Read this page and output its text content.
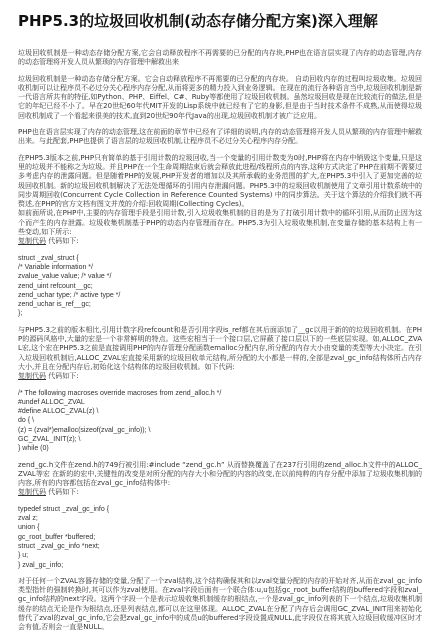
PHP5.3的垃圾回收机制(动态存储分配方案)深入理解

垃圾回收机制是一种动态存储分配方案,它会自动释放程序不再需要的已分配的内存块,PHP也在语言层实现了内存的动态管理,内存的动态管理将开发人员从繁琐的内存管理中解救出来

垃圾回收机制是一种动态存储分配方案。它会自动释放程序不再需要的已分配的内存块。 自动回收内存的过程叫垃圾收集。垃圾回收机制可以让程序员不必过分关心程序内存分配,从而将更多的精力投入到业务逻辑。在现在的流行各种语言当中,垃圾回收机制是新一代语言所共有的特征,如Python、PHP、Eiffel、C#、Ruby等都使用了垃圾回收机制。虽然垃圾回收是现在比较流行的做法,但是它的年纪已经不小了。早在20世纪60年代MIT开发的Lisp系统中就已经有了它的身影,但是由于当时技术条件不成熟,从而使得垃圾回收机制成了一个看起来很美的技术,直到20世纪90年代Java的出现,垃圾回收机制才被广泛应用。

PHP也在语言层实现了内存的动态管理,这在前面的章节中已经有了详细的说明,内存的动态管理将开发人员从繁琐的内存管理中解救出来。与此配套,PHP也提供了语言层的垃圾回收机制,让程序员不必过分关心程序内存分配。

在PHP5.3版本之前,PHP只有简单的基于引用计数的垃圾回收,当一个变量的引用计数变为0时,PHP将在内存中销毁这个变量,只是这里的垃圾并不能称之为垃圾。并且PHP在一个生命周期结束后就会释放此进程/线程所点的内容,这种方式决定了PHP在前期不需要过多考虑内存的泄露问题。但是随着PHP的发展,PHP开发者的增加以及其所承载的业务范围的扩大,在PHP5.3中引入了更加完善的垃圾回收机制。新的垃圾回收机制解决了无法处理循环的引用内存泄漏问题。PHP5.3中的垃圾回收机制使用了文章引用计数系统中的同步周期回收(Concurrent Cycle Collection in Reference Counted Systems) 中的同步算法。关于这个算法的介绍我们就不再赘述,在PHP的官方文档有图文并茂的介绍:回收周期(Collecting Cycles)。

如前面所说,在PHP中,主要的内存管理手段是引用计数,引入垃圾收集机制的目的是为了打破引用计数中的循环引用,从而防止因为这个而产生的内存泄露。垃圾收集机制基于PHP的动态内存管理而存在。PHP5.3为引入垃圾收集机制,在变量存储的基本结构上有一些变动,如下所示:

复制代码 代码如下:
struct _zval_struct {
/* Variable information */
zvalue_value value; /* value */
zend_uint refcount__gc;
zend_uchar type; /* active type */
zend_uchar is_ref__gc;
};

与PHP5.3之前的版本相比,引用计数字段refcount和是否引用字段is_ref都在其后面添加了__gc以用于新的的垃圾回收机制。在PHP的源码风格中,大量的宏是一个非常鲜明的特点。这些宏相当于一个接口层,它屏蔽了接口层以下的一些底层实现。如,ALLOC_ZVAL宏,这个宏在PHP5.3之前是直接调用PHP的内存管理分配函数emalloc分配内存,所分配的内存大小由变量的类型等大小决定。在引入垃圾回收机制后,ALLOC_ZVAL宏直接采用新的垃圾回收单元结构,所分配的大小都是一样的,全部是zval_gc_info结构体所占内存大小,并且在分配内存后,初始化这个结构体的垃圾回收机制。如下代码:

复制代码 代码如下:
/* The following macroses override macroses from zend_alloc.h */
#undef ALLOC_ZVAL
#define ALLOC_ZVAL(z) \
do { \
(z) = (zval*)emalloc(sizeof(zval_gc_info)); \
GC_ZVAL_INIT(z); \
} while (0)

zend_gc.h文件在zend.h的749行被引用:#include “zend_gc.h” 从而替换覆盖了在237行引用的zend_alloc.h文件中的ALLOC_ZVAL等宏 在新的的宏中,关键性的改变是对所分配的内存大小和分配的内容的改变,在以前纯粹的内存分配中添加了垃圾收集机制的内容,所有的内容都包括在zval_gc_info结构体中:

复制代码 代码如下:
typedef struct _zval_gc_info {
zval z;
union {
gc_root_buffer *buffered;
struct _zval_gc_info *next;
} u;
} zval_gc_info;

对于任何一个ZVAL容器存储的变量,分配了一个zval结构,这个结构确保其和以zval变量分配的内存的开始对齐,从而在zval_gc_info类型指针的强制转换时,其可以作为zval使用。在zval字段后面有一个联合体:u,u包括gc_root_buffer结构的buffered字段和zval_gc_info结构的next字段。这两个字段一个是表示垃圾收集机制缓存的根结点,一个是zval_gc_info列表的下一个结点,垃圾收集机制缓存的结点无论是作为根结点,还是列表结点,都可以在这里体现。ALLOC_ZVAL在分配了内存后会调用GC_ZVAL_INIT用来初始化替代了zval的zval_gc_info,它会把zval_gc_info中的成员u的buffered字段设置成NULL,此字段仅在将其放入垃圾回收缓冲区时才会有值,否则会一直是NULL。
